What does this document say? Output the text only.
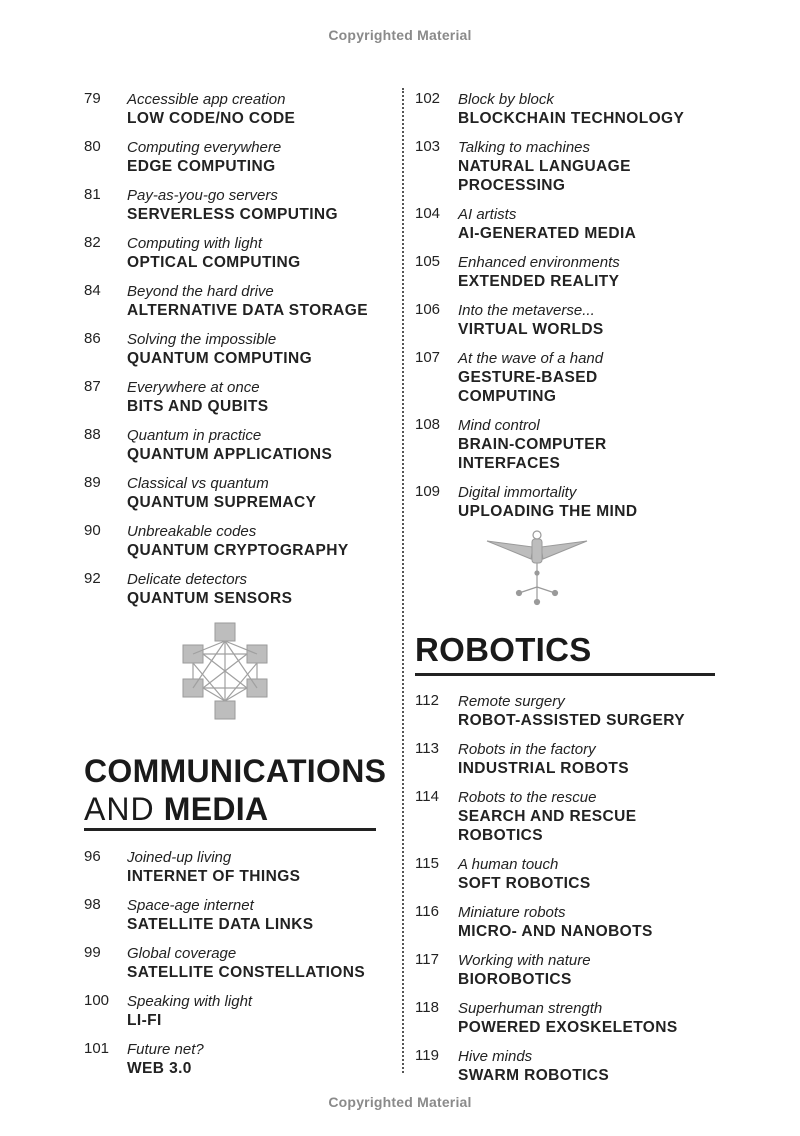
Copyrighted Material
79 Accessible app creation
LOW CODE/NO CODE
80 Computing everywhere
EDGE COMPUTING
81 Pay-as-you-go servers
SERVERLESS COMPUTING
82 Computing with light
OPTICAL COMPUTING
84 Beyond the hard drive
ALTERNATIVE DATA STORAGE
86 Solving the impossible
QUANTUM COMPUTING
87 Everywhere at once
BITS AND QUBITS
88 Quantum in practice
QUANTUM APPLICATIONS
89 Classical vs quantum
QUANTUM SUPREMACY
90 Unbreakable codes
QUANTUM CRYPTOGRAPHY
92 Delicate detectors
QUANTUM SENSORS
COMMUNICATIONS
AND MEDIA
96 Joined-up living
INTERNET OF THINGS
98 Space-age internet
SATELLITE DATA LINKS
99 Global coverage
SATELLITE CONSTELLATIONS
100 Speaking with light
LI-FI
101 Future net?
WEB 3.0
102 Block by block
BLOCKCHAIN TECHNOLOGY
103 Talking to machines
NATURAL LANGUAGE PROCESSING
104 AI artists
AI-GENERATED MEDIA
105 Enhanced environments
EXTENDED REALITY
106 Into the metaverse...
VIRTUAL WORLDS
107 At the wave of a hand
GESTURE-BASED COMPUTING
108 Mind control
BRAIN-COMPUTER INTERFACES
109 Digital immortality
UPLOADING THE MIND
ROBOTICS
112 Remote surgery
ROBOT-ASSISTED SURGERY
113 Robots in the factory
INDUSTRIAL ROBOTS
114 Robots to the rescue
SEARCH AND RESCUE ROBOTICS
115 A human touch
SOFT ROBOTICS
116 Miniature robots
MICRO- AND NANOBOTS
117 Working with nature
BIOROBOTICS
118 Superhuman strength
POWERED EXOSKELETONS
119 Hive minds
SWARM ROBOTICS
Copyrighted Material
